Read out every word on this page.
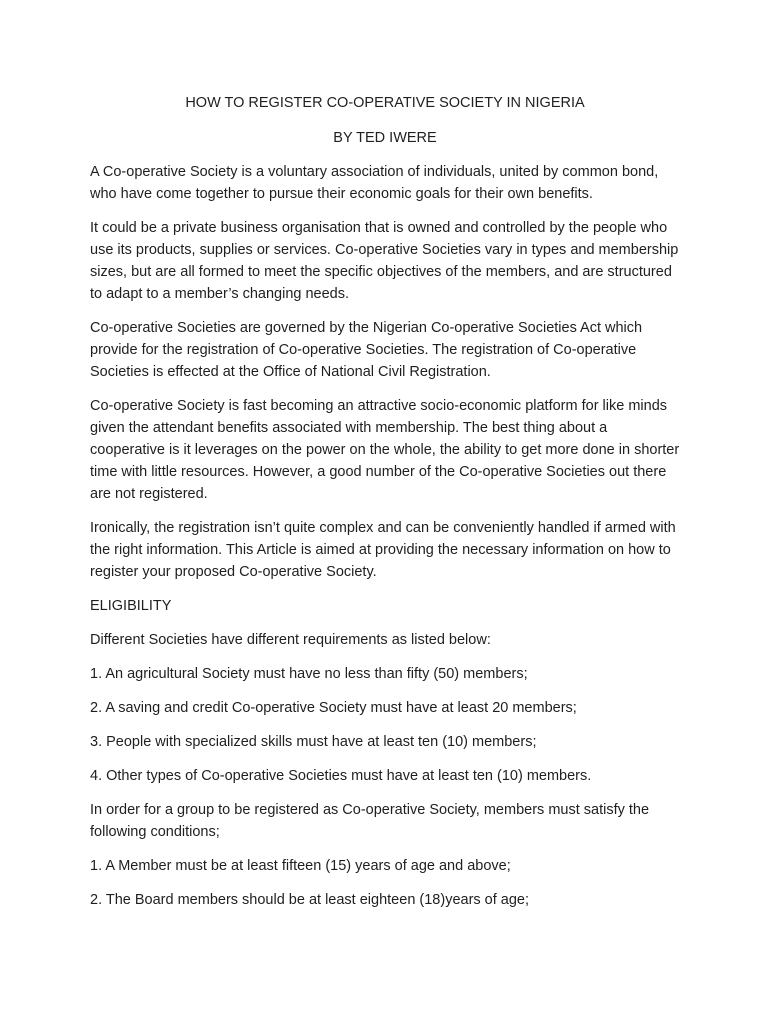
HOW TO REGISTER CO-OPERATIVE SOCIETY IN NIGERIA

BY TED IWERE

A Co-operative Society is a voluntary association of individuals, united by common bond, who have come together to pursue their economic goals for their own benefits.

It could be a private business organisation that is owned and controlled by the people who use its products, supplies or services. Co-operative Societies vary in types and membership sizes, but are all formed to meet the specific objectives of the members, and are structured to adapt to a member’s changing needs.

Co-operative Societies are governed by the Nigerian Co-operative Societies Act which provide for the registration of Co-operative Societies. The registration of Co-operative Societies is effected at the Office of National Civil Registration.

Co-operative Society is fast becoming an attractive socio-economic platform for like minds given the attendant benefits associated with membership. The best thing about a cooperative is it leverages on the power on the whole, the ability to get more done in shorter time with little resources. However, a good number of the Co-operative Societies out there are not registered.

Ironically, the registration isn’t quite complex and can be conveniently handled if armed with the right information. This Article is aimed at providing the necessary information on how to register your proposed Co-operative Society.

ELIGIBILITY

Different Societies have different requirements as listed below:

1. An agricultural Society must have no less than fifty (50) members;

2. A saving and credit Co-operative Society must have at least 20 members;

3. People with specialized skills must have at least ten (10) members;

4. Other types of Co-operative Societies must have at least ten (10) members.

In order for a group to be registered as Co-operative Society, members must satisfy the following conditions;

1. A Member must be at least fifteen (15) years of age and above;

2. The Board members should be at least eighteen (18)years of age;
